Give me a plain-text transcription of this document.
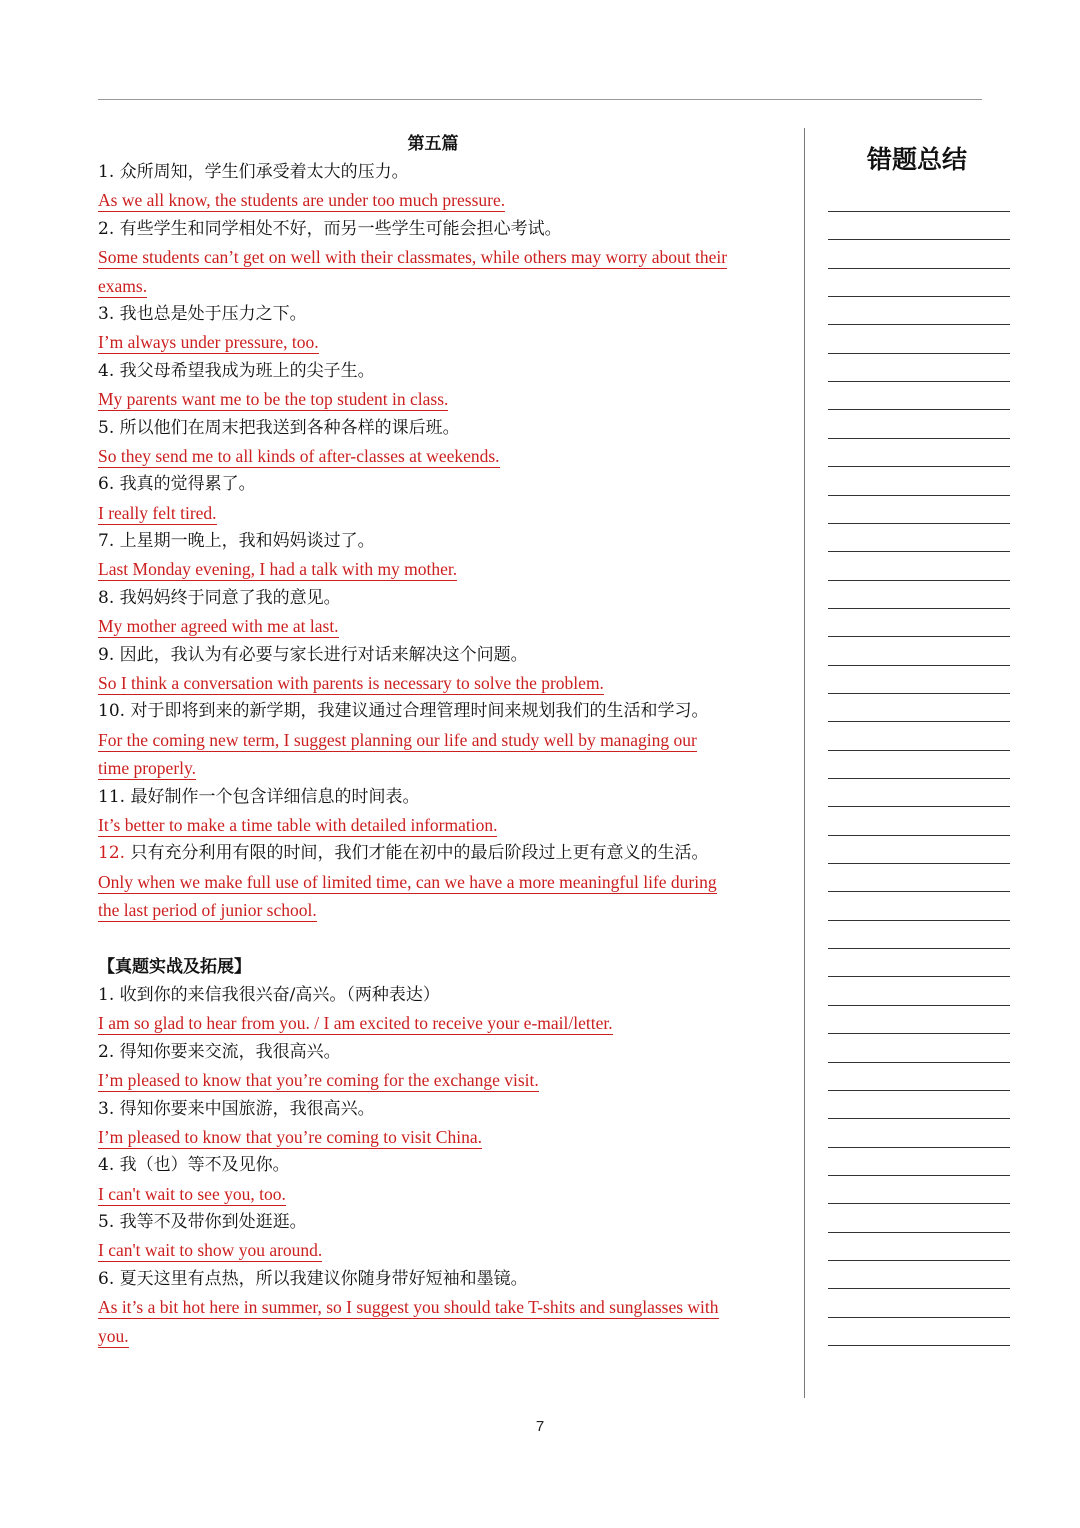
第五篇
1. 众所周知，学生们承受着太大的压力。
As we all know, the students are under too much pressure.
2. 有些学生和同学相处不好，而另一些学生可能会担心考试。
Some students can’t get on well with their classmates, while others may worry about their
exams.
3. 我也总是处于压力之下。
I’m always under pressure, too.
4. 我父母希望我成为班上的尖子生。
My parents want me to be the top student in class.
5. 所以他们在周末把我送到各种各样的课后班。
So they send me to all kinds of after-classes at weekends.
6. 我真的觉得累了。
I really felt tired.
7. 上星期一晚上，我和妈妈谈过了。
Last Monday evening, I had a talk with my mother.
8. 我妈妈终于同意了我的意见。
My mother agreed with me at last.
9. 因此，我认为有必要与家长进行对话来解决这个问题。
So I think a conversation with parents is necessary to solve the problem.
10. 对于即将到来的新学期，我建议通过合理管理时间来规划我们的生活和学习。
For the coming new term, I suggest planning our life and study well by managing our
time properly.
11. 最好制作一个包含详细信息的时间表。
It’s better to make a time table with detailed information.
12. 只有充分利用有限的时间，我们才能在初中的最后阶段过上更有意义的生活。
Only when we make full use of limited time, can we have a more meaningful life during
the last period of junior school.
【真题实战及拓展】
1. 收到你的来信我很兴奋/高兴。（两种表达）
I am so glad to hear from you. / I am excited to receive your e-mail/letter.
2. 得知你要来交流，我很高兴。
I’m pleased to know that you’re coming for the exchange visit.
3. 得知你要来中国旅游，我很高兴。
I’m pleased to know that you’re coming to visit China.
4. 我（也）等不及见你。
I can't wait to see you, too.
5. 我等不及带你到处逛逛。
I can't wait to show you around.
6. 夏天这里有点热，所以我建议你随身带好短袖和墨镜。
As it’s a bit hot here in summer, so I suggest you should take T-shits and sunglasses with
you.
错题总结
7
